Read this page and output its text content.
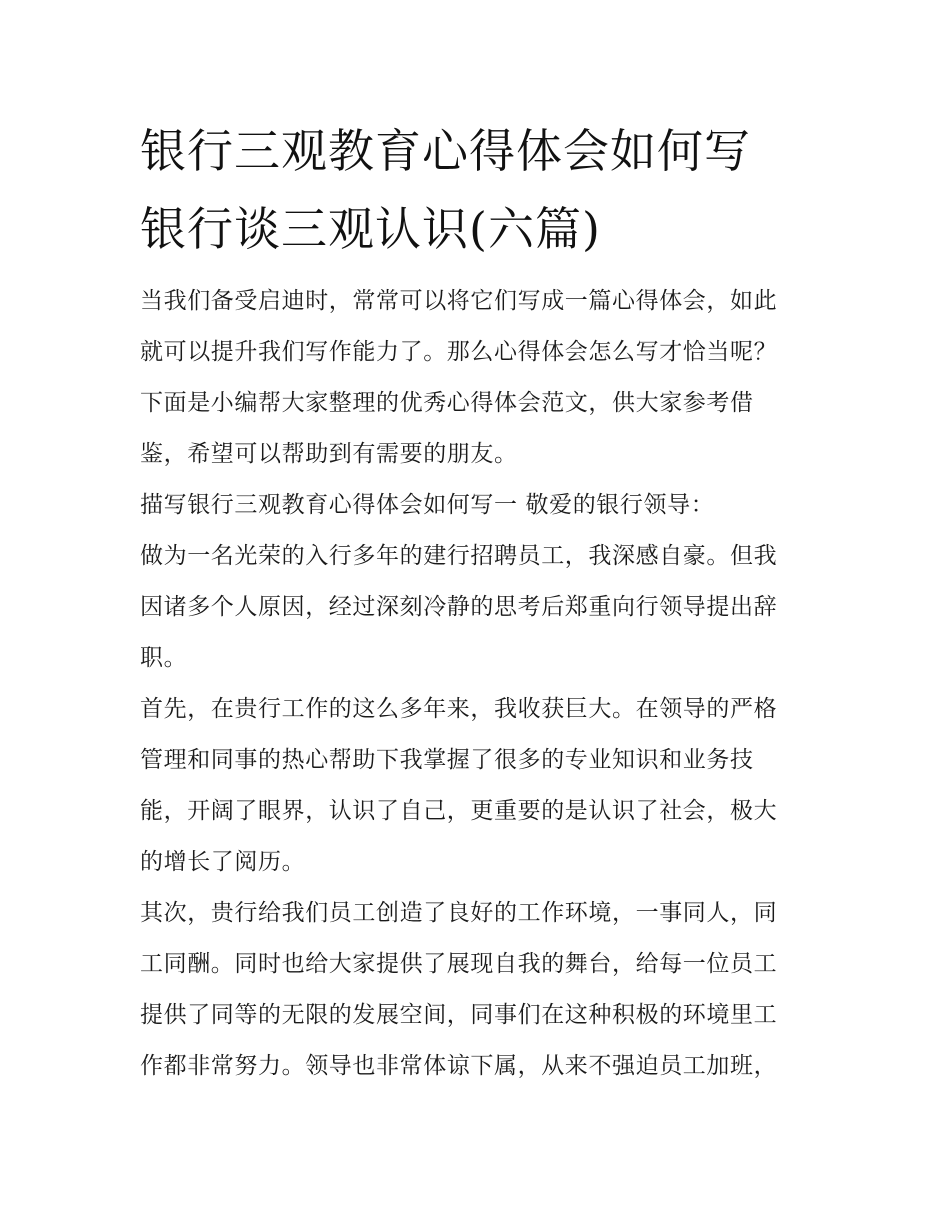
银行三观教育心得体会如何写
银行谈三观认识(六篇)
当我们备受启迪时，常常可以将它们写成一篇心得体会，如此
就可以提升我们写作能力了。那么心得体会怎么写才恰当呢？
下面是小编帮大家整理的优秀心得体会范文，供大家参考借
鉴，希望可以帮助到有需要的朋友。
描写银行三观教育心得体会如何写一 敬爱的银行领导：
做为一名光荣的入行多年的建行招聘员工，我深感自豪。但我
因诸多个人原因，经过深刻冷静的思考后郑重向行领导提出辞
职。
首先，在贵行工作的这么多年来，我收获巨大。在领导的严格
管理和同事的热心帮助下我掌握了很多的专业知识和业务技
能，开阔了眼界，认识了自己，更重要的是认识了社会，极大
的增长了阅历。
其次，贵行给我们员工创造了良好的工作环境，一事同人，同
工同酬。同时也给大家提供了展现自我的舞台，给每一位员工
提供了同等的无限的发展空间，同事们在这种积极的环境里工
作都非常努力。领导也非常体谅下属，从来不强迫员工加班，
